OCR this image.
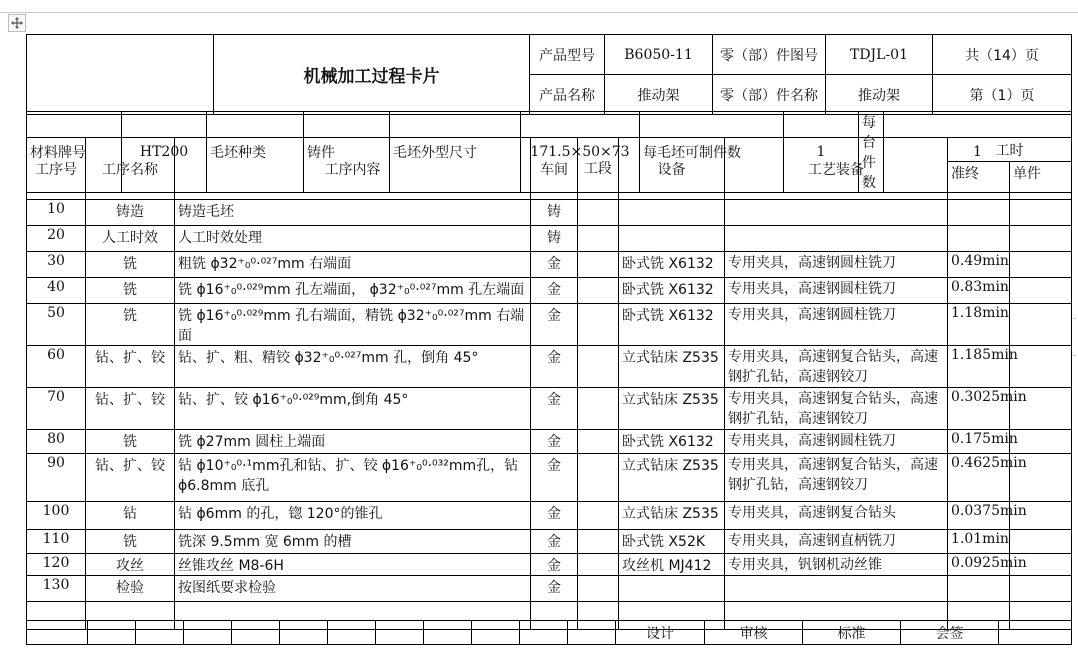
	机械加工过程卡片	产品型号	B6050-11	零（部）件图号	TDJL-01	共（14）页
		产品名称	推动架	零（部）件名称	推动架	第（1）页
材料牌号	HT200	毛坯种类	铸件	毛坯外型尺寸	171.5×50×73	每毛坯可制件数	1	每台件数	1	
工序号	工序名称	工序内容	车间	工段	设备	工艺装备	工时	
							准终	单件
10	铸造	铸造毛坯	铸					
20	人工时效	人工时效处理	铸					
30	铣	粗铣 ϕ32⁺₀⁰·⁰²⁷mm 右端面	金		卧式铣 X6132	专用夹具，高速钢圆柱铣刀	0.49min	
40	铣	铣 ϕ16⁺₀⁰·⁰²⁹mm 孔左端面， ϕ32⁺₀⁰·⁰²⁷mm 孔左端面	金		卧式铣 X6132	专用夹具，高速钢圆柱铣刀	0.83min	
50	铣	铣 ϕ16⁺₀⁰·⁰²⁹mm 孔右端面，精铣 ϕ32⁺₀⁰·⁰²⁷mm 右端面	金		卧式铣 X6132	专用夹具，高速钢圆柱铣刀	1.18min	
60	钻、扩、铰	钻、扩、粗、精铰 ϕ32⁺₀⁰·⁰²⁷mm 孔，倒角 45°	金		立式钻床 Z535	专用夹具，高速钢复合钻头，高速钢扩孔钻，高速钢铰刀	1.185min	
70	钻、扩、铰	钻、扩、铰 ϕ16⁺₀⁰·⁰²⁹mm,倒角 45°	金		立式钻床 Z535	专用夹具，高速钢复合钻头，高速钢扩孔钻，高速钢铰刀	0.3025min	
80	铣	铣 ϕ27mm 圆柱上端面	金		卧式铣 X6132	专用夹具，高速钢圆柱铣刀	0.175min	
90	钻、扩、铰	钻 ϕ10⁺₀⁰·¹mm孔和钻、扩、铰 ϕ16⁺₀⁰·⁰³²mm孔，钻 ϕ6.8mm 底孔	金		立式钻床 Z535	专用夹具，高速钢复合钻头，高速钢扩孔钻，高速钢铰刀	0.4625min	
100	钻	钻 ϕ6mm 的孔，锪 120°的锥孔	金		立式钻床 Z535	专用夹具，高速钢复合钻头	0.0375min	
110	铣	铣深 9.5mm 宽 6mm 的槽	金		卧式铣 X52K	专用夹具，高速钢直柄铣刀	1.01min	
120	攻丝	丝锥攻丝 M8-6H	金		攻丝机 MJ412	专用夹具，钒钢机动丝锥	0.0925min	
130	检验	按图纸要求检验	金					

												设计	审核	标准	会签	
